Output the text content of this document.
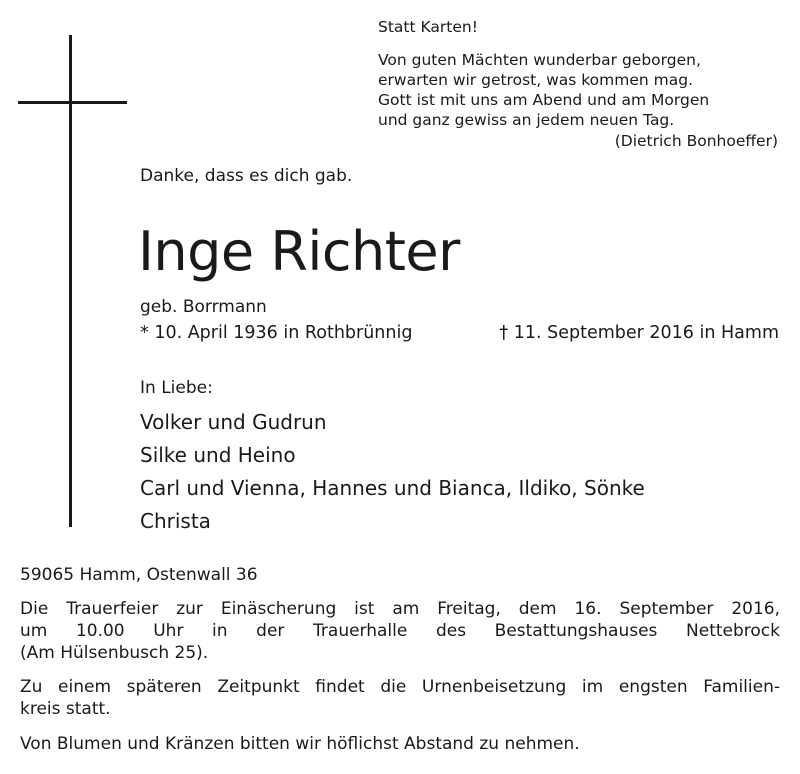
Statt Karten!
Von guten Mächten wunderbar geborgen,
erwarten wir getrost, was kommen mag.
Gott ist mit uns am Abend und am Morgen
und ganz gewiss an jedem neuen Tag.
(Dietrich Bonhoeffer)
Danke, dass es dich gab.
Inge Richter
geb. Borrmann
* 10. April 1936 in Rothbrünnig	† 11. September 2016 in Hamm
In Liebe:
Volker und Gudrun
Silke und Heino
Carl und Vienna, Hannes und Bianca, Ildiko, Sönke
Christa
59065 Hamm, Ostenwall 36
Die Trauerfeier zur Einäscherung ist am Freitag, dem 16. September 2016,
um 10.00 Uhr in der Trauerhalle des Bestattungshauses Nettebrock
(Am Hülsenbusch 25).
Zu einem späteren Zeitpunkt findet die Urnenbeisetzung im engsten Familien-
kreis statt.
Von Blumen und Kränzen bitten wir höflichst Abstand zu nehmen.
